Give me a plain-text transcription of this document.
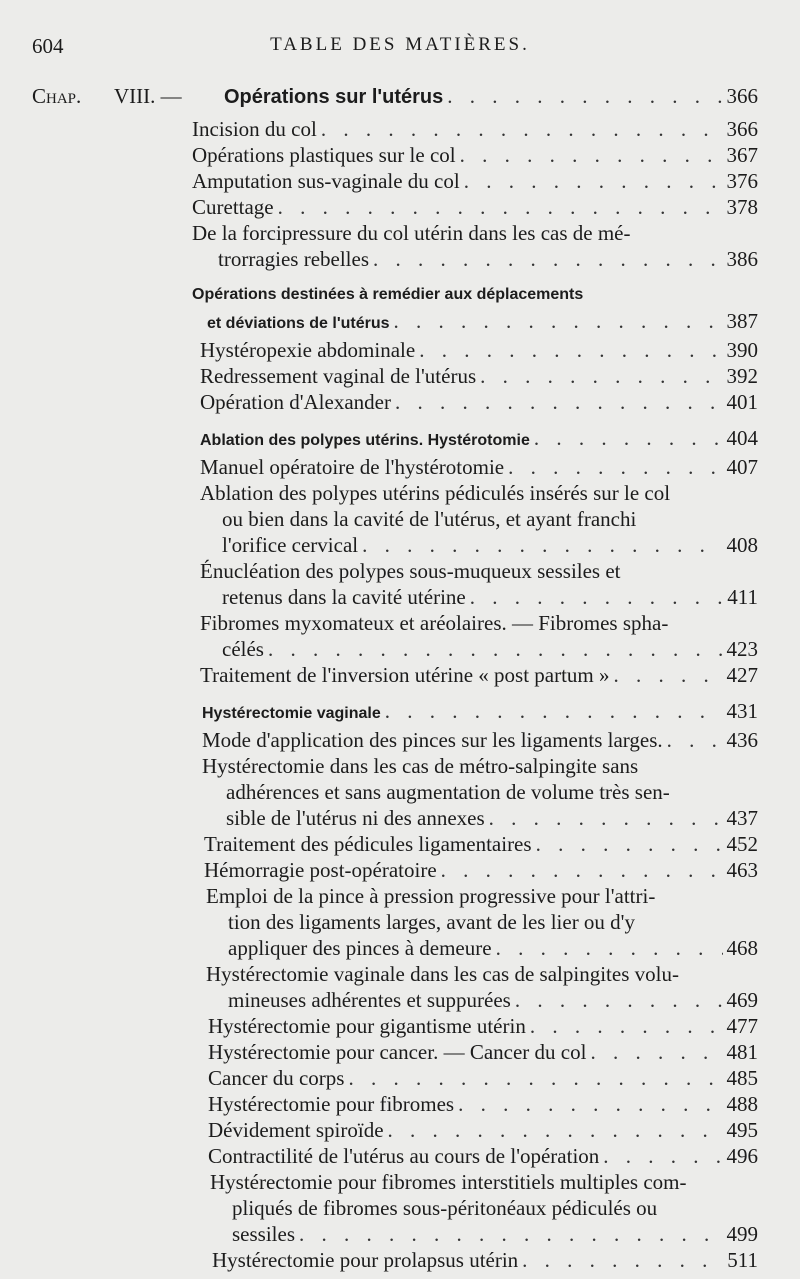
604	TABLE DES MATIÈRES.
Chap.	VIII. —	Opérations sur l'utérus . . .	366
Incision du col . . .	366
Opérations plastiques sur le col . . .	367
Amputation sus-vaginale du col . . .	376
Curettage . . .	378
De la forcipressure du col utérin dans les cas de mé-
trorragies rebelles . . .	386
Opérations destinées à remédier aux déplacements
et déviations de l'utérus . . .	387
Hystéropexie abdominale . . .	390
Redressement vaginal de l'utérus . . .	392
Opération d'Alexander . . .	401
Ablation des polypes utérins. Hystérotomie . . .	404
Manuel opératoire de l'hystérotomie . . .	407
Ablation des polypes utérins pédiculés insérés sur le col
ou bien dans la cavité de l'utérus, et ayant franchi
l'orifice cervical . . .	408
Énucléation des polypes sous-muqueux sessiles et
retenus dans la cavité utérine . . .	411
Fibromes myxomateux et aréolaires. — Fibromes spha-
célés . . .	423
Traitement de l'inversion utérine « post partum » . . .	427
Hystérectomie vaginale . . .	431
Mode d'application des pinces sur les ligaments larges. . . .	436
Hystérectomie dans les cas de métro-salpingite sans
adhérences et sans augmentation de volume très sen-
sible de l'utérus ni des annexes . . .	437
Traitement des pédicules ligamentaires . . .	452
Hémorragie post-opératoire . . .	463
Emploi de la pince à pression progressive pour l'attri-
tion des ligaments larges, avant de les lier ou d'y
appliquer des pinces à demeure . . .	468
Hystérectomie vaginale dans les cas de salpingites volu-
mineuses adhérentes et suppurées . . .	469
Hystérectomie pour gigantisme utérin . . .	477
Hystérectomie pour cancer. — Cancer du col . . .	481
Cancer du corps . . .	485
Hystérectomie pour fibromes . . .	488
Dévidement spiroïde . . .	495
Contractilité de l'utérus au cours de l'opération . . .	496
Hystérectomie pour fibromes interstitiels multiples com-
pliqués de fibromes sous-péritonéaux pédiculés ou
sessiles . . .	499
Hystérectomie pour prolapsus utérin . . .	511
